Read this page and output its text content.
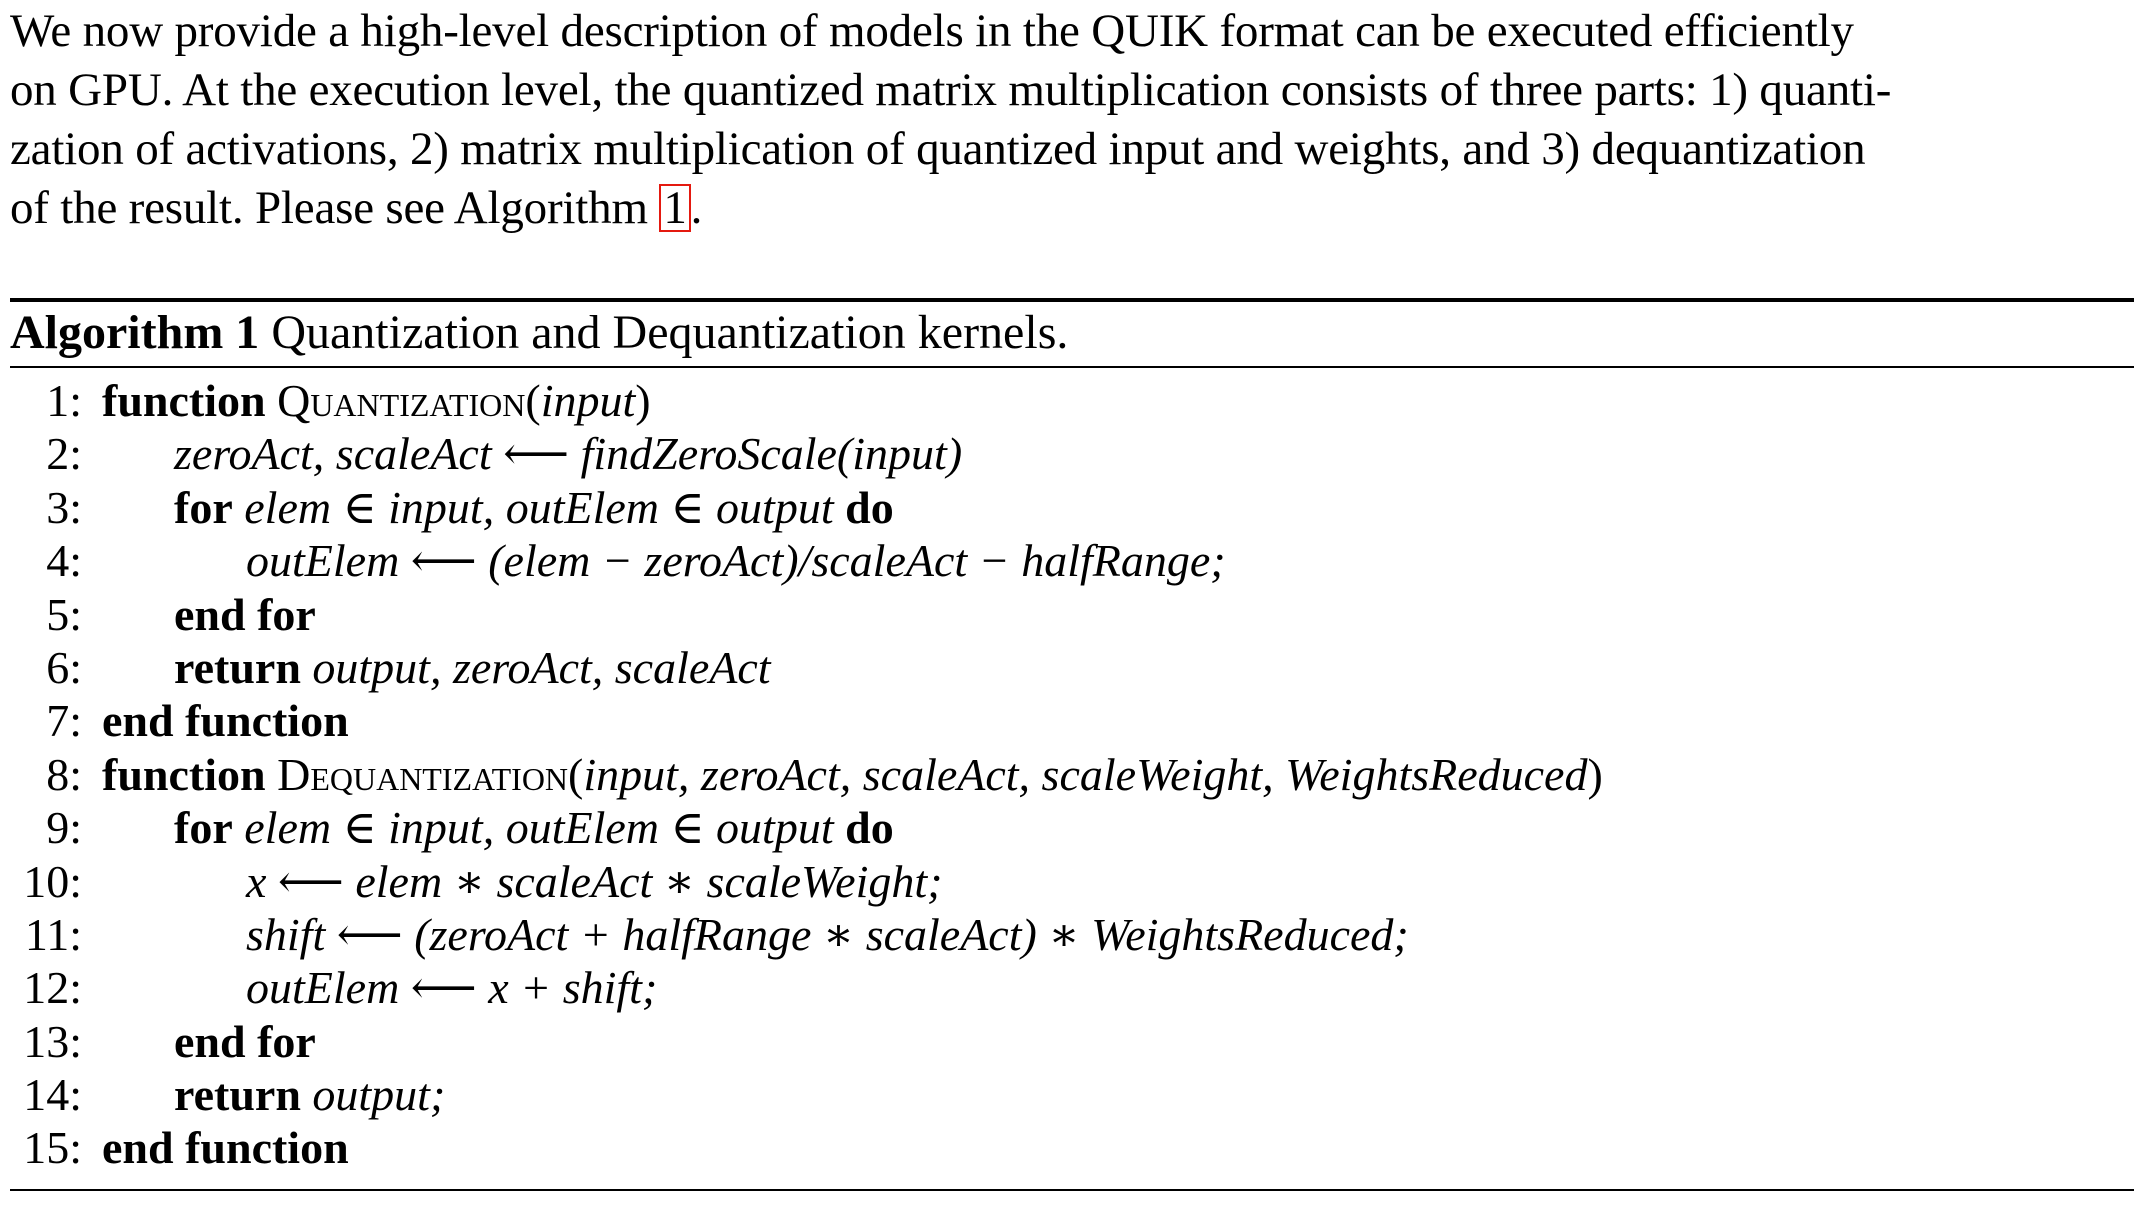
We now provide a high-level description of models in the QUIK format can be executed efficiently
on GPU. At the execution level, the quantized matrix multiplication consists of three parts: 1) quanti-
zation of activations, 2) matrix multiplication of quantized input and weights, and 3) dequantization
of the result. Please see Algorithm 1.

Algorithm 1 Quantization and Dequantization kernels.
1: function Quantization(input)
2: zeroAct, scaleAct ⟵ findZeroScale(input)
3: for elem ∈ input, outElem ∈ output do
4:	outElem ⟵ (elem − zeroAct)/scaleAct − halfRange;
5: end for
6: return output, zeroAct, scaleAct
7: end function
8: function Dequantization(input, zeroAct, scaleAct, scaleWeight, WeightsReduced)
9: for elem ∈ input, outElem ∈ output do
10:	x ⟵ elem ∗ scaleAct ∗ scaleWeight;
11:	shift ⟵ (zeroAct + halfRange ∗ scaleAct) ∗ WeightsReduced;
12:	outElem ⟵ x + shift;
13: end for
14: return output;
15: end function
